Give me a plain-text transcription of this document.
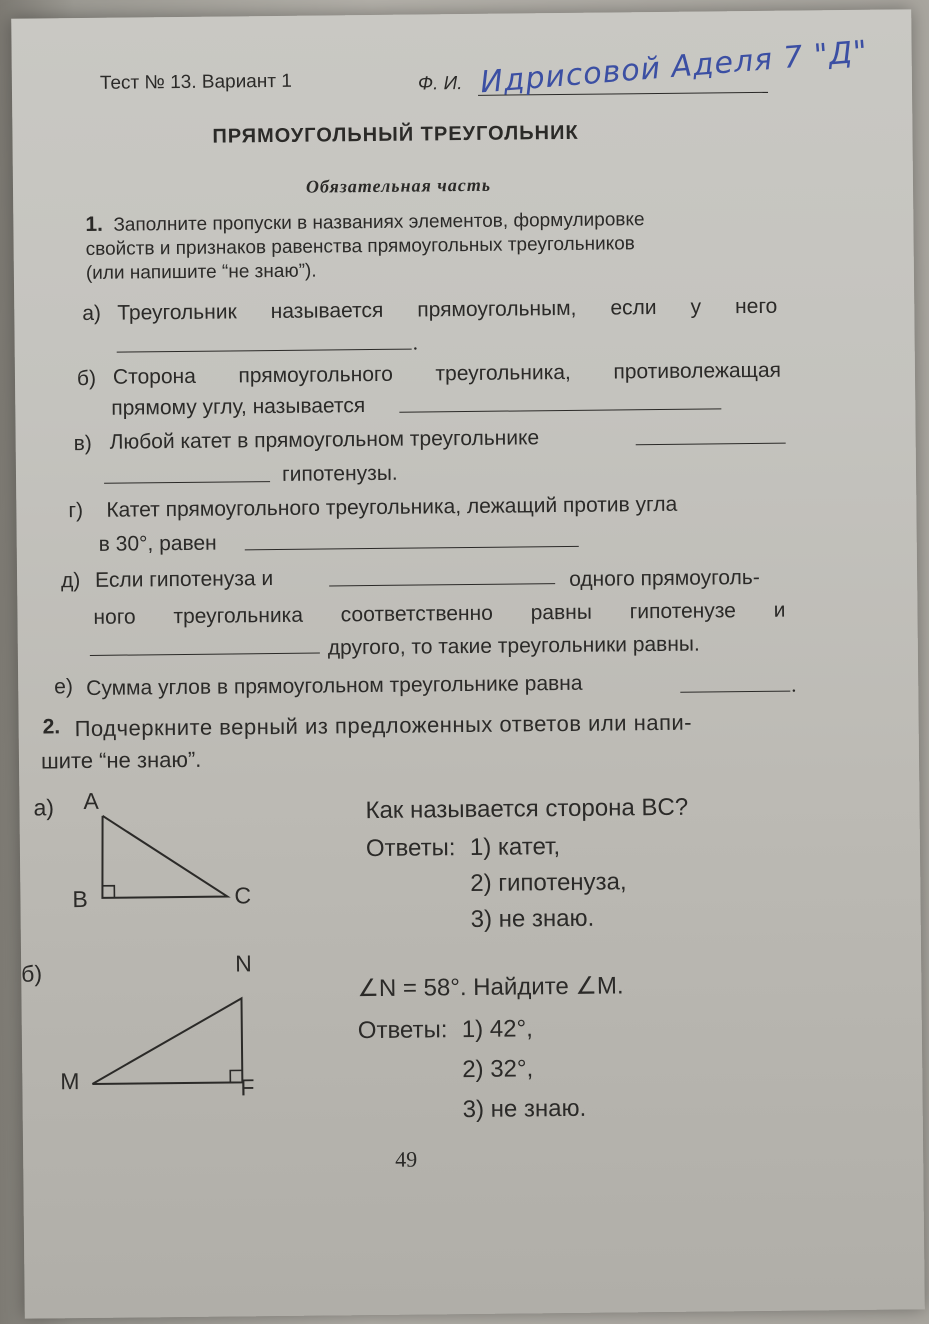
Тест № 13. Вариант 1	Ф. И. Идрисовой Аделя 7 "Д"
ПРЯМОУГОЛЬНЫЙ ТРЕУГОЛЬНИК
Обязательная часть
1. Заполните пропуски в названиях элементов, формулировке
свойств и признаков равенства прямоугольных треугольников
(или напишите “не знаю”).
а) Треугольник называется прямоугольным, если у него
.
б) Сторона прямоугольного треугольника, противолежащая
прямому углу, называется
в) Любой катет в прямоугольном треугольнике
гипотенузы.
г) Катет прямоугольного треугольника, лежащий против угла
в 30°, равен
д) Если гипотенуза и	одного прямоуголь-
ного треугольника соответственно равны гипотенузе и
другого, то такие треугольники равны.
е) Сумма углов в прямоугольном треугольнике равна	.
2. Подчеркните верный из предложенных ответов или напи-
шите “не знаю”.
а) A
B	C
Как называется сторона BC?
Ответы: 1) катет,
2) гипотенуза,
3) не знаю.
б)	N
M	F
∠N = 58°. Найдите ∠M.
Ответы: 1) 42°,
2) 32°,
3) не знаю.
49
